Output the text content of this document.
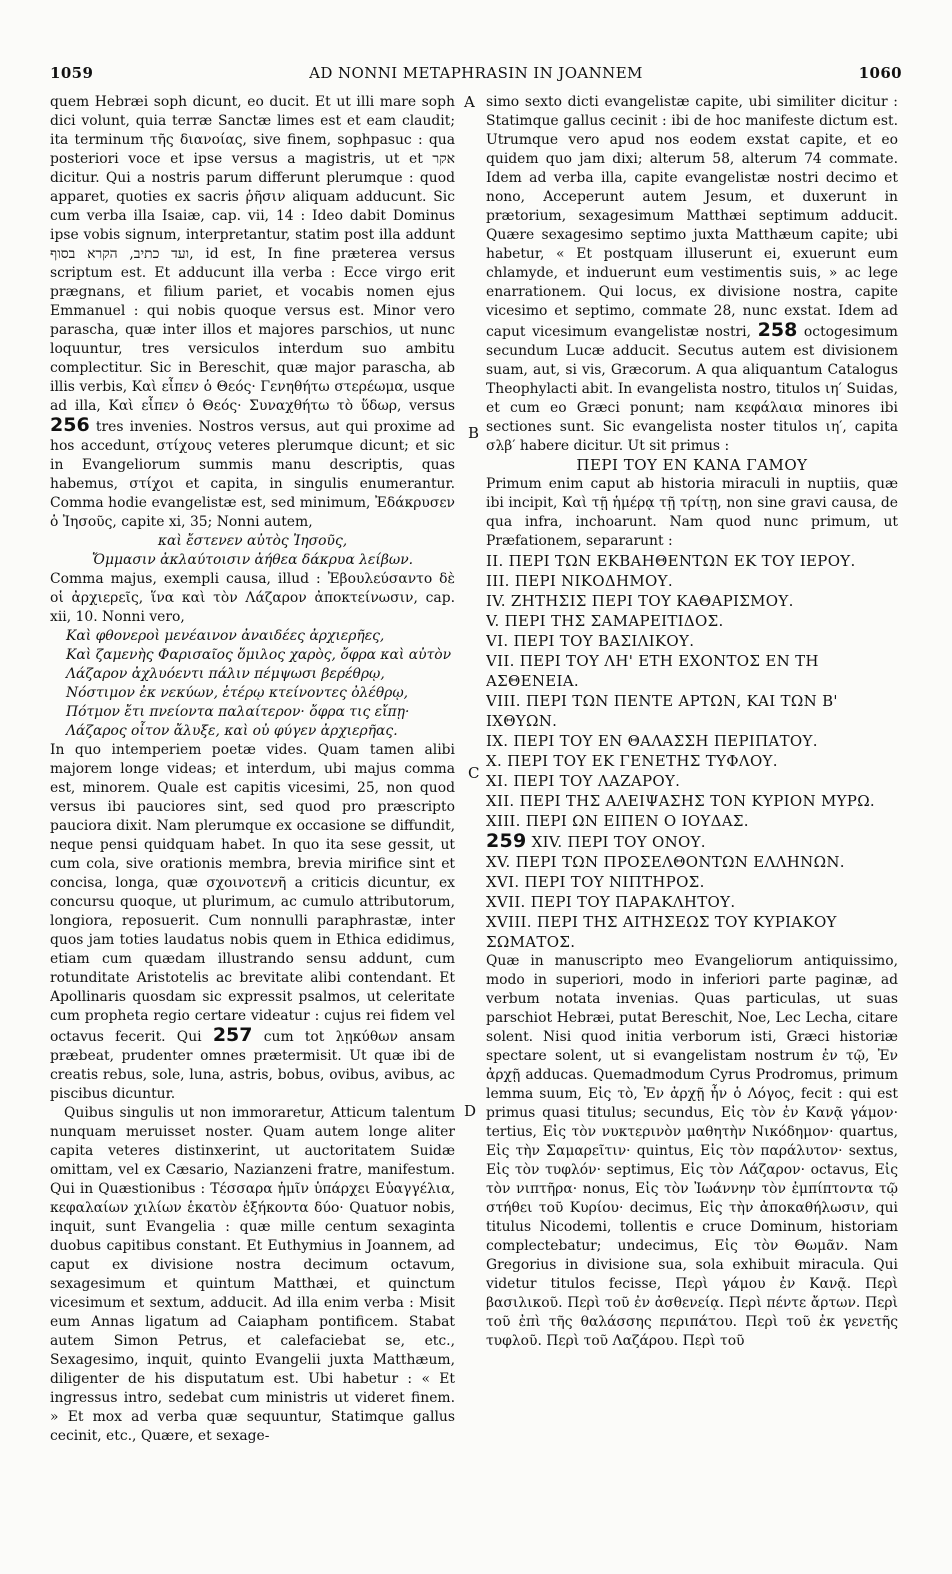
1059	AD NONNI METAPHRASIN IN JOANNEM	1060
A
B
C
D

quem Hebræi soph dicunt, eo ducit. Et ut illi mare soph dici volunt, quia terræ Sanctæ limes est et eam claudit; ita terminum τῆς διανοίας, sive finem, sophpasuc : qua posteriori voce et ipse versus a magistris, ut et אקר dicitur. Qui a nostris parum differunt plerumque : quod apparet, quoties ex sacris ῥῆσιν aliquam adducunt. Sic cum verba illa Isaiæ, cap. vii, 14 : Ideo dabit Dominus ipse vobis signum, interpretantur, statim post illa addunt ועד כתיב, הקרא בסוף, id est, In fine præterea versus scriptum est. Et adducunt illa verba : Ecce virgo erit prægnans, et filium pariet, et vocabis nomen ejus Emmanuel : qui nobis quoque versus est. Minor vero parascha, quæ inter illos et majores parschios, ut nunc loquuntur, tres versiculos interdum suo ambitu complectitur. Sic in Bereschit, quæ major parascha, ab illis verbis, Καὶ εἶπεν ὁ Θεός· Γενηθήτω στερέωμα, usque ad illa, Καὶ εἶπεν ὁ Θεός· Συναχθήτω τὸ ὕδωρ, versus 256 tres invenies. Nostros versus, aut qui proxime ad hos accedunt, στίχους veteres plerumque dicunt; et sic in Evangeliorum summis manu descriptis, quas habemus, στίχοι et capita, in singulis enumerantur. Comma hodie evangelistæ est, sed minimum, Ἐδάκρυσεν ὁ Ἰησοῦς, capite xi, 35; Nonni autem,

καὶ ἔστενεν αὐτὸς Ἰησοῦς,

Ὄμμασιν ἀκλαύτοισιν ἀήθεα δάκρυα λείβων.

Comma majus, exempli causa, illud : Ἐβουλεύσαντο δὲ οἱ ἀρχιερεῖς, ἵνα καὶ τὸν Λάζαρον ἀποκτείνωσιν, cap. xii, 10. Nonni vero,

Καὶ φθονεροὶ μενέαινον ἀναιδέες ἀρχιερῆες,

Καὶ ζαμενὴς Φαρισαῖος ὅμιλος χαρὸς, ὄφρα καὶ αὐτὸν

Λάζαρον ἀχλυόεντι πάλιν πέμψωσι βερέθρῳ,

Νόστιμον ἐκ νεκύων, ἑτέρῳ κτείνοντες ὀλέθρῳ,

Πότμον ἔτι πνείοντα παλαίτερον· ὄφρα τις εἴπῃ·

Λάζαρος οἶτον ἄλυξε, καὶ οὐ φύγεν ἀρχιερῆας.

In quo intemperiem poetæ vides. Quam tamen alibi majorem longe videas; et interdum, ubi majus comma est, minorem. Quale est capitis vicesimi, 25, non quod versus ibi pauciores sint, sed quod pro præscripto pauciora dixit. Nam plerumque ex occasione se diffundit, neque pensi quidquam habet. In quo ita sese gessit, ut cum cola, sive orationis membra, brevia mirifice sint et concisa, longa, quæ σχοινοτενῆ a criticis dicuntur, ex concursu quoque, ut plurimum, ac cumulo attributorum, longiora, reposuerit. Cum nonnulli paraphrastæ, inter quos jam toties laudatus nobis quem in Ethica edidimus, etiam cum quædam illustrando sensu addunt, cum rotunditate Aristotelis ac brevitate alibi contendant. Et Apollinaris quosdam sic expressit psalmos, ut celeritate cum propheta regio certare videatur : cujus rei fidem vel octavus fecerit. Qui 257 cum tot λῃκύθων ansam præbeat, prudenter omnes prætermisit. Ut quæ ibi de creatis rebus, sole, luna, astris, bobus, ovibus, avibus, ac piscibus dicuntur.

Quibus singulis ut non immoraretur, Atticum talentum nunquam meruisset noster. Quam autem longe aliter capita veteres distinxerint, ut auctoritatem Suidæ omittam, vel ex Cæsario, Nazianzeni fratre, manifestum. Qui in Quæstionibus : Τέσσαρα ἡμῖν ὑπάρχει Εὐαγγέλια, κεφαλαίων χιλίων ἑκατὸν ἑξήκοντα δύο· Quatuor nobis, inquit, sunt Evangelia : quæ mille centum sexaginta duobus capitibus constant. Et Euthymius in Joannem, ad caput ex divisione nostra decimum octavum, sexagesimum et quintum Matthæi, et quinctum vicesimum et sextum, adducit. Ad illa enim verba : Misit eum Annas ligatum ad Caiapham pontificem. Stabat autem Simon Petrus, et calefaciebat se, etc., Sexagesimo, inquit, quinto Evangelii juxta Matthæum, diligenter de his disputatum est. Ubi habetur : « Et ingressus intro, sedebat cum ministris ut videret finem. » Et mox ad verba quæ sequuntur, Statimque gallus cecinit, etc., Quære, et sexage-

simo sexto dicti evangelistæ capite, ubi similiter dicitur : Statimque gallus cecinit : ibi de hoc manifeste dictum est. Utrumque vero apud nos eodem exstat capite, et eo quidem quo jam dixi; alterum 58, alterum 74 commate. Idem ad verba illa, capite evangelistæ nostri decimo et nono, Acceperunt autem Jesum, et duxerunt in prætorium, sexagesimum Matthæi septimum adducit. Quære sexagesimo septimo juxta Matthæum capite; ubi habetur, « Et postquam illuserunt ei, exuerunt eum chlamyde, et induerunt eum vestimentis suis, » ac lege enarrationem. Qui locus, ex divisione nostra, capite vicesimo et septimo, commate 28, nunc exstat. Idem ad caput vicesimum evangelistæ nostri, 258 octogesimum secundum Lucæ adducit. Secutus autem est divisionem suam, aut, si vis, Græcorum. A qua aliquantum Catalogus Theophylacti abit. In evangelista nostro, titulos ιη′ Suidas, et cum eo Græci ponunt; nam κεφάλαια minores ibi sectiones sunt. Sic evangelista noster titulos ιη′, capita σλβ′ habere dicitur. Ut sit primus :

ΠΕΡΙ ΤΟΥ ΕΝ ΚΑΝΑ ΓΑΜΟΥ

Primum enim caput ab historia miraculi in nuptiis, quæ ibi incipit, Καὶ τῇ ἡμέρᾳ τῇ τρίτῃ, non sine gravi causa, de qua infra, inchoarunt. Nam quod nunc primum, ut Præfationem, separarunt :

II. ΠΕΡΙ ΤΩΝ ΕΚΒΑΗΘΕΝΤΩΝ ΕΚ ΤΟΥ ΙΕΡΟΥ.

III. ΠΕΡΙ ΝΙΚΟΔΗΜΟΥ.

IV. ΖΗΤΗΣΙΣ ΠΕΡΙ ΤΟΥ ΚΑΘΑΡΙΣΜΟΥ.

V. ΠΕΡΙ ΤΗΣ ΣΑΜΑΡΕΙΤΙΔΟΣ.

VI. ΠΕΡΙ ΤΟΥ ΒΑΣΙΛΙΚΟΥ.

VII. ΠΕΡΙ ΤΟΥ ΛΗ' ΕΤΗ ΕΧΟΝΤΟΣ ΕΝ ΤΗ ΑΣΘΕΝΕΙΑ.

VIII. ΠΕΡΙ ΤΩΝ ΠΕΝΤΕ ΑΡΤΩΝ, ΚΑΙ ΤΩΝ Β' ΙΧΘΥΩΝ.

IX. ΠΕΡΙ ΤΟΥ ΕΝ ΘΑΛΑΣΣΗ ΠΕΡΙΠΑΤΟΥ.

X. ΠΕΡΙ ΤΟΥ ΕΚ ΓΕΝΕΤΗΣ ΤΥΦΛΟΥ.

XI. ΠΕΡΙ ΤΟΥ ΛΑΖΑΡΟΥ.

XII. ΠΕΡΙ ΤΗΣ ΑΛΕΙΨΑΣΗΣ ΤΟΝ ΚΥΡΙΟΝ ΜΥΡΩ.

XIII. ΠΕΡΙ ΩΝ ΕΙΠΕΝ Ο ΙΟΥΔΑΣ.

259 XIV. ΠΕΡΙ ΤΟΥ ΟΝΟΥ.

XV. ΠΕΡΙ ΤΩΝ ΠΡΟΣΕΛΘΟΝΤΩΝ ΕΛΛΗΝΩΝ.

XVI. ΠΕΡΙ ΤΟΥ ΝΙΠΤΗΡΟΣ.

XVII. ΠΕΡΙ ΤΟΥ ΠΑΡΑΚΛΗΤΟΥ.

XVIII. ΠΕΡΙ ΤΗΣ ΑΙΤΗΣΕΩΣ ΤΟΥ ΚΥΡΙΑΚΟΥ ΣΩΜΑΤΟΣ.

Quæ in manuscripto meo Evangeliorum antiquissimo, modo in superiori, modo in inferiori parte paginæ, ad verbum notata invenias. Quas particulas, ut suas parschiot Hebræi, putat Bereschit, Noe, Lec Lecha, citare solent. Nisi quod initia verborum isti, Græci historiæ spectare solent, ut si evangelistam nostrum ἐν τῷ, Ἐν ἀρχῇ adducas. Quemadmodum Cyrus Prodromus, primum lemma suum, Εἰς τὸ, Ἐν ἀρχῇ ἦν ὁ Λόγος, fecit : qui est primus quasi titulus; secundus, Εἰς τὸν ἐν Κανᾷ γάμον· tertius, Εἰς τὸν νυκτερινὸν μαθητὴν Νικόδημον· quartus, Εἰς τὴν Σαμαρεῖτιν· quintus, Εἰς τὸν παράλυτον· sextus, Εἰς τὸν τυφλόν· septimus, Εἰς τὸν Λάζαρον· octavus, Εἰς τὸν νιπτῆρα· nonus, Εἰς τὸν Ἰωάννην τὸν ἐμπίπτοντα τῷ στήθει τοῦ Κυρίου· decimus, Εἰς τὴν ἀποκαθήλωσιν, qui titulus Nicodemi, tollentis e cruce Dominum, historiam complectebatur; undecimus, Εἰς τὸν Θωμᾶν. Nam Gregorius in divisione sua, sola exhibuit miracula. Qui videtur titulos fecisse, Περὶ γάμου ἐν Κανᾷ. Περὶ βασιλικοῦ. Περὶ τοῦ ἐν ἀσθενείᾳ. Περὶ πέντε ἄρτων. Περὶ τοῦ ἐπὶ τῆς θαλάσσης περιπάτου. Περὶ τοῦ ἐκ γενετῆς τυφλοῦ. Περὶ τοῦ Λαζάρου. Περὶ τοῦ
